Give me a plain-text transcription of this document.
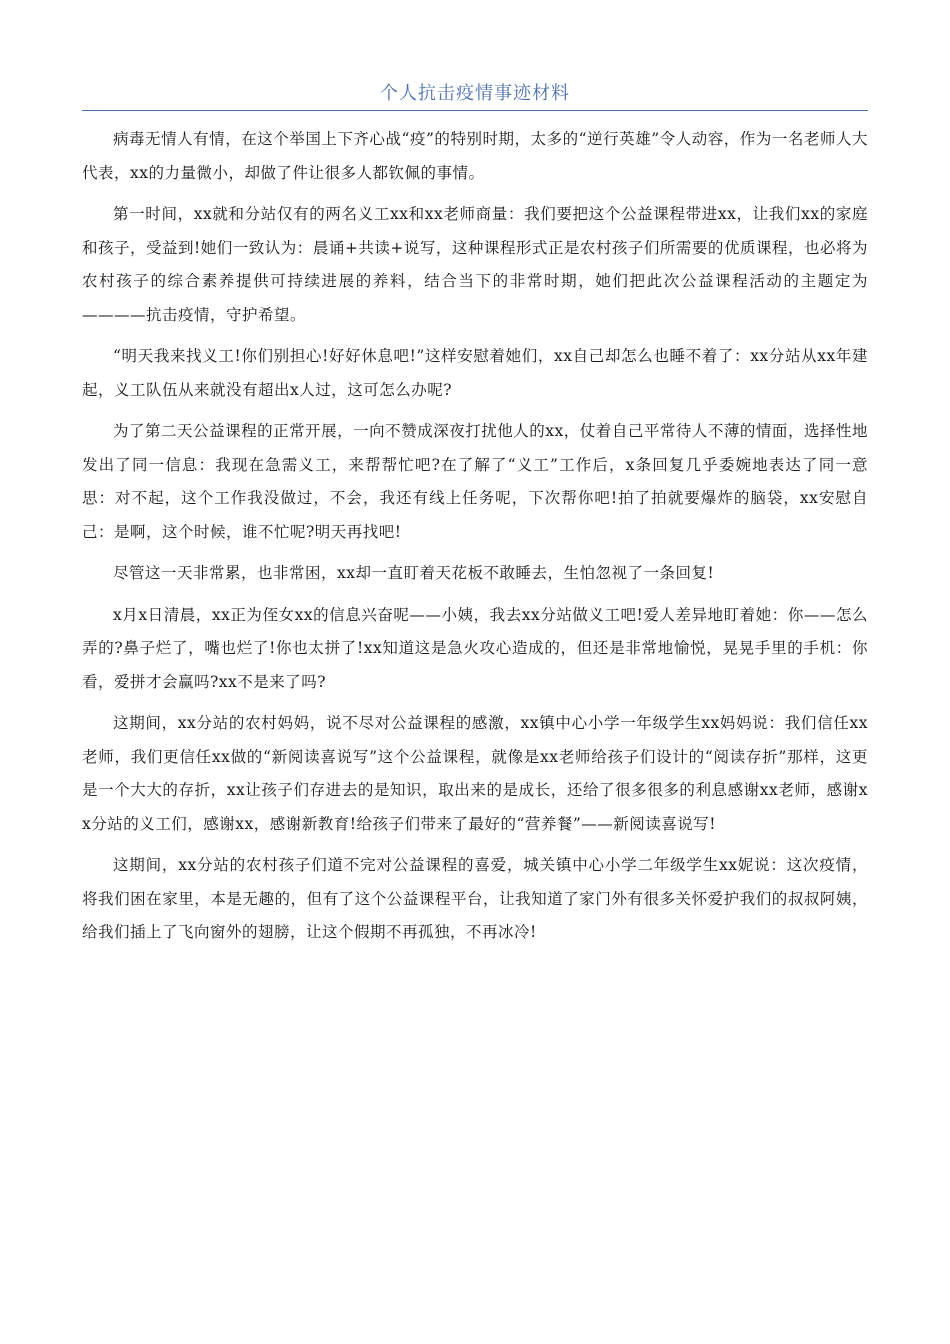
个人抗击疫情事迹材料

病毒无情人有情，在这个举国上下齐心战“疫”的特别时期，太多的“逆行英雄”令人动容，作为一名老师人大代表，xx的力量微小，却做了件让很多人都钦佩的事情。

第一时间，xx就和分站仅有的两名义工xx和xx老师商量：我们要把这个公益课程带进xx，让我们xx的家庭和孩子，受益到!她们一致认为：晨诵+共读+说写，这种课程形式正是农村孩子们所需要的优质课程，也必将为农村孩子的综合素养提供可持续进展的养料，结合当下的非常时期，她们把此次公益课程活动的主题定为————抗击疫情，守护希望。

“明天我来找义工!你们别担心!好好休息吧!”这样安慰着她们，xx自己却怎么也睡不着了：xx分站从xx年建起，义工队伍从来就没有超出x人过，这可怎么办呢?

为了第二天公益课程的正常开展，一向不赞成深夜打扰他人的xx，仗着自己平常待人不薄的情面，选择性地发出了同一信息：我现在急需义工，来帮帮忙吧?在了解了“义工”工作后，x条回复几乎委婉地表达了同一意思：对不起，这个工作我没做过，不会，我还有线上任务呢，下次帮你吧!拍了拍就要爆炸的脑袋，xx安慰自己：是啊，这个时候，谁不忙呢?明天再找吧!

尽管这一天非常累，也非常困，xx却一直盯着天花板不敢睡去，生怕忽视了一条回复!

x月x日清晨，xx正为侄女xx的信息兴奋呢——小姨，我去xx分站做义工吧!爱人差异地盯着她：你——怎么弄的?鼻子烂了，嘴也烂了!你也太拼了!xx知道这是急火攻心造成的，但还是非常地愉悦，晃晃手里的手机：你看，爱拼才会赢吗?xx不是来了吗?

这期间，xx分站的农村妈妈，说不尽对公益课程的感激，xx镇中心小学一年级学生xx妈妈说：我们信任xx老师，我们更信任xx做的“新阅读喜说写”这个公益课程，就像是xx老师给孩子们设计的“阅读存折”那样，这更是一个大大的存折，xx让孩子们存进去的是知识，取出来的是成长，还给了很多很多的利息感谢xx老师，感谢xx分站的义工们，感谢xx，感谢新教育!给孩子们带来了最好的“营养餐”——新阅读喜说写!

这期间，xx分站的农村孩子们道不完对公益课程的喜爱，城关镇中心小学二年级学生xx妮说：这次疫情，将我们困在家里，本是无趣的，但有了这个公益课程平台，让我知道了家门外有很多关怀爱护我们的叔叔阿姨，给我们插上了飞向窗外的翅膀，让这个假期不再孤独，不再冰冷!
